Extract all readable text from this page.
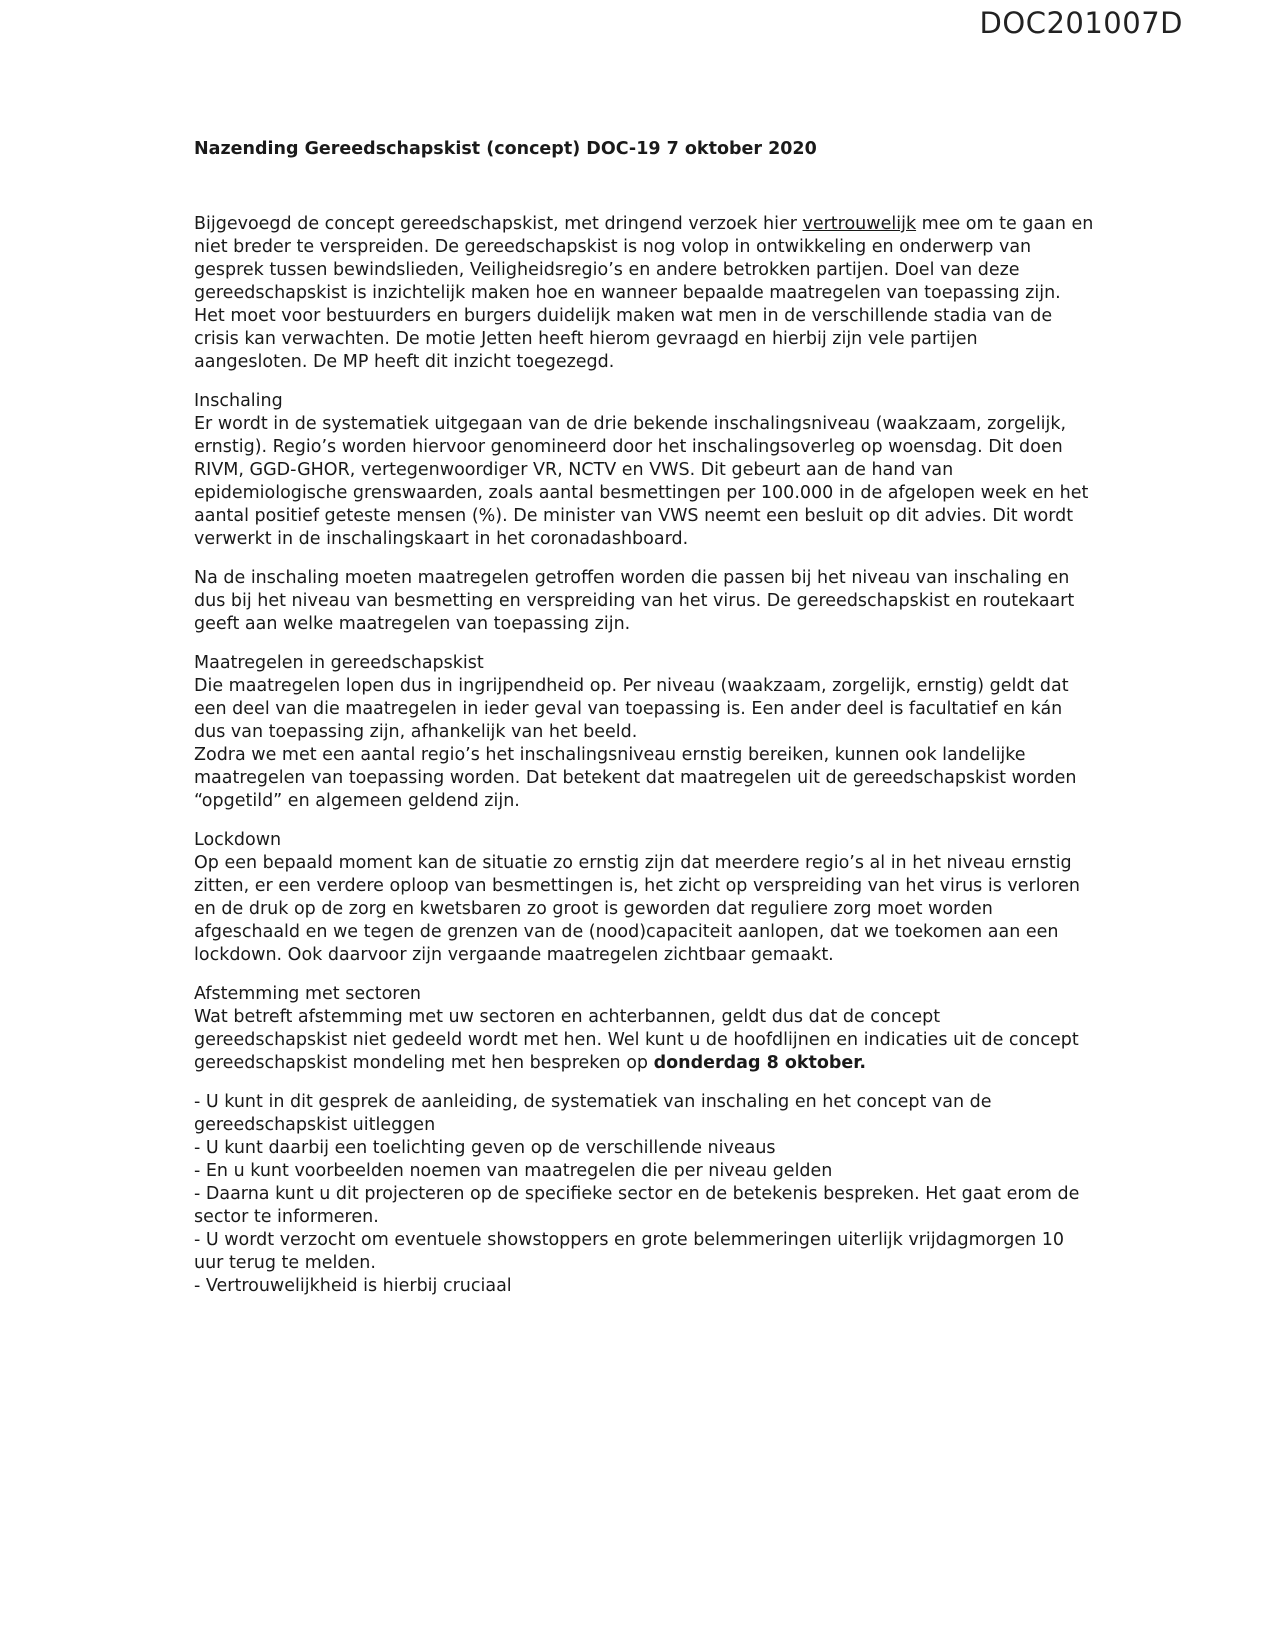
DOC201007D
Nazending Gereedschapskist (concept) DOC-19 7 oktober 2020

Bijgevoegd de concept gereedschapskist, met dringend verzoek hier vertrouwelijk mee om te gaan en niet breder te verspreiden. De gereedschapskist is nog volop in ontwikkeling en onderwerp van gesprek tussen bewindslieden, Veiligheidsregio’s en andere betrokken partijen. Doel van deze gereedschapskist is inzichtelijk maken hoe en wanneer bepaalde maatregelen van toepassing zijn. Het moet voor bestuurders en burgers duidelijk maken wat men in de verschillende stadia van de crisis kan verwachten. De motie Jetten heeft hierom gevraagd en hierbij zijn vele partijen aangesloten. De MP heeft dit inzicht toegezegd.

Inschaling
Er wordt in de systematiek uitgegaan van de drie bekende inschalingsniveau (waakzaam, zorgelijk, ernstig). Regio’s worden hiervoor genomineerd door het inschalingsoverleg op woensdag. Dit doen RIVM, GGD-GHOR, vertegenwoordiger VR, NCTV en VWS. Dit gebeurt aan de hand van epidemiologische grenswaarden, zoals aantal besmettingen per 100.000 in de afgelopen week en het aantal positief geteste mensen (%). De minister van VWS neemt een besluit op dit advies. Dit wordt verwerkt in de inschalingskaart in het coronadashboard.

Na de inschaling moeten maatregelen getroffen worden die passen bij het niveau van inschaling en dus bij het niveau van besmetting en verspreiding van het virus. De gereedschapskist en routekaart geeft aan welke maatregelen van toepassing zijn.

Maatregelen in gereedschapskist
Die maatregelen lopen dus in ingrijpendheid op. Per niveau (waakzaam, zorgelijk, ernstig) geldt dat een deel van die maatregelen in ieder geval van toepassing is. Een ander deel is facultatief en kán dus van toepassing zijn, afhankelijk van het beeld.
Zodra we met een aantal regio’s het inschalingsniveau ernstig bereiken, kunnen ook landelijke maatregelen van toepassing worden. Dat betekent dat maatregelen uit de gereedschapskist worden “opgetild” en algemeen geldend zijn.

Lockdown
Op een bepaald moment kan de situatie zo ernstig zijn dat meerdere regio’s al in het niveau ernstig zitten, er een verdere oploop van besmettingen is, het zicht op verspreiding van het virus is verloren en de druk op de zorg en kwetsbaren zo groot is geworden dat reguliere zorg moet worden afgeschaald en we tegen de grenzen van de (nood)capaciteit aanlopen, dat we toekomen aan een lockdown. Ook daarvoor zijn vergaande maatregelen zichtbaar gemaakt.

Afstemming met sectoren
Wat betreft afstemming met uw sectoren en achterbannen, geldt dus dat de concept gereedschapskist niet gedeeld wordt met hen. Wel kunt u de hoofdlijnen en indicaties uit de concept gereedschapskist mondeling met hen bespreken op donderdag 8 oktober.

- U kunt in dit gesprek de aanleiding, de systematiek van inschaling en het concept van de gereedschapskist uitleggen
- U kunt daarbij een toelichting geven op de verschillende niveaus
- En u kunt voorbeelden noemen van maatregelen die per niveau gelden
- Daarna kunt u dit projecteren op de specifieke sector en de betekenis bespreken. Het gaat erom de sector te informeren.
- U wordt verzocht om eventuele showstoppers en grote belemmeringen uiterlijk vrijdagmorgen 10 uur terug te melden.
- Vertrouwelijkheid is hierbij cruciaal
